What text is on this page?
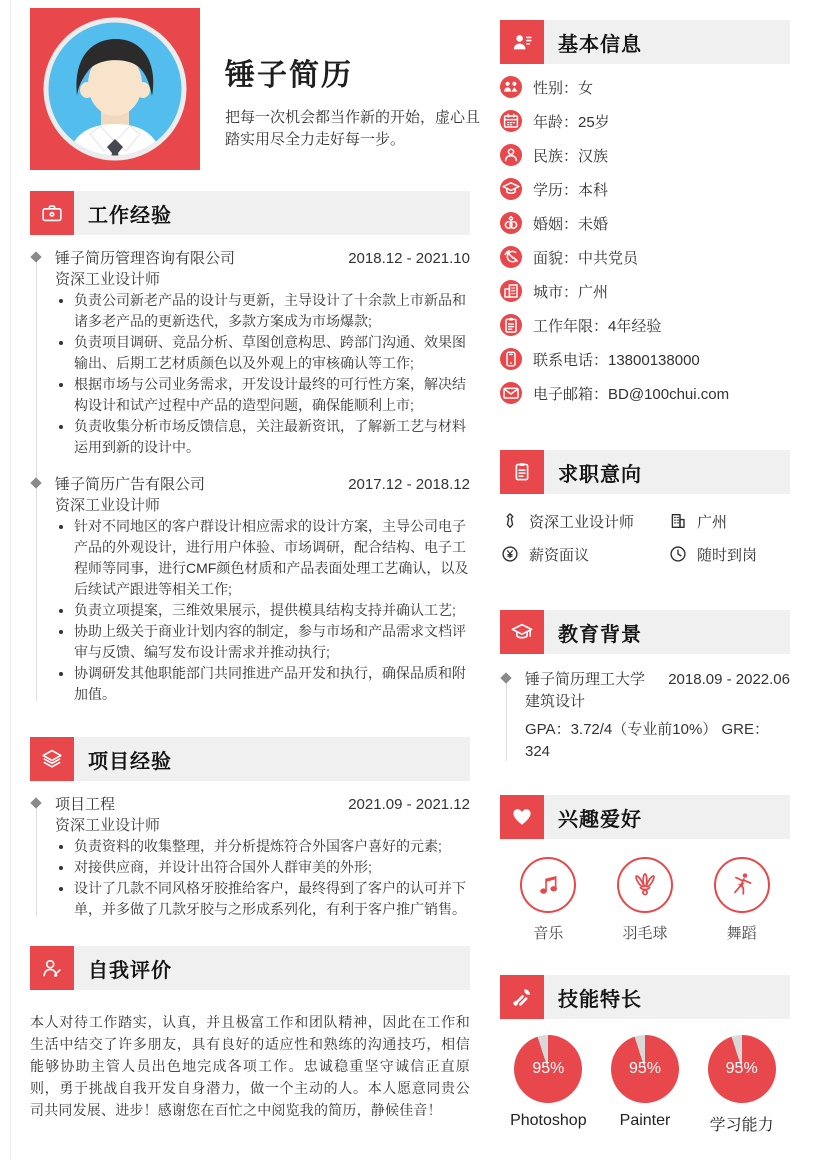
锤子简历
把每一次机会都当作新的开始，虚心且踏实用尽全力走好每一步。
工作经验
锤子简历管理咨询有限公司	2018.12 - 2021.10
资深工业设计师
• 负责公司新老产品的设计与更新，主导设计了十余款上市新品和诸多老产品的更新迭代，多款方案成为市场爆款;
• 负责项目调研、竞品分析、草图创意构思、跨部门沟通、效果图输出、后期工艺材质颜色以及外观上的审核确认等工作;
• 根据市场与公司业务需求，开发设计最终的可行性方案，解决结构设计和试产过程中产品的造型问题，确保能顺利上市;
• 负责收集分析市场反馈信息，关注最新资讯，了解新工艺与材料运用到新的设计中。
锤子简历广告有限公司	2017.12 - 2018.12
资深工业设计师
• 针对不同地区的客户群设计相应需求的设计方案，主导公司电子产品的外观设计，进行用户体验、市场调研，配合结构、电子工程师等同事，进行CMF颜色材质和产品表面处理工艺确认，以及后续试产跟进等相关工作;
• 负责立项提案，三维效果展示，提供模具结构支持并确认工艺;
• 协助上级关于商业计划内容的制定，参与市场和产品需求文档评审与反馈、编写发布设计需求并推动执行;
• 协调研发其他职能部门共同推进产品开发和执行，确保品质和附加值。
项目经验
项目工程	2021.09 - 2021.12
资深工业设计师
• 负责资料的收集整理，并分析提炼符合外国客户喜好的元素;
• 对接供应商，并设计出符合国外人群审美的外形;
• 设计了几款不同风格牙胶推给客户，最终得到了客户的认可并下单，并多做了几款牙胶与之形成系列化，有利于客户推广销售。
自我评价

本人对待工作踏实，认真，并且极富工作和团队精神，因此在工作和生活中结交了许多朋友，具有良好的适应性和熟练的沟通技巧，相信能够协助主管人员出色地完成各项工作。忠诚稳重坚守诚信正直原则，勇于挑战自我开发自身潜力，做一个主动的人。本人愿意同贵公司共同发展、进步！感谢您在百忙之中阅览我的简历，静候佳音！

基本信息
性别：女
年龄：25岁
民族：汉族
学历：本科
婚姻：未婚
面貌：中共党员
城市：广州
工作年限：4年经验
联系电话：13800138000
电子邮箱：BD@100chui.com
求职意向
资深工业设计师	广州
薪资面议	随时到岗
教育背景
锤子简历理工大学 2018.09 - 2022.06
建筑设计
GPA：3.72/4（专业前10%） GRE：324
兴趣爱好
音乐	羽毛球	舞蹈
技能特长
95%
Photoshop
95%
Painter
95%
学习能力
